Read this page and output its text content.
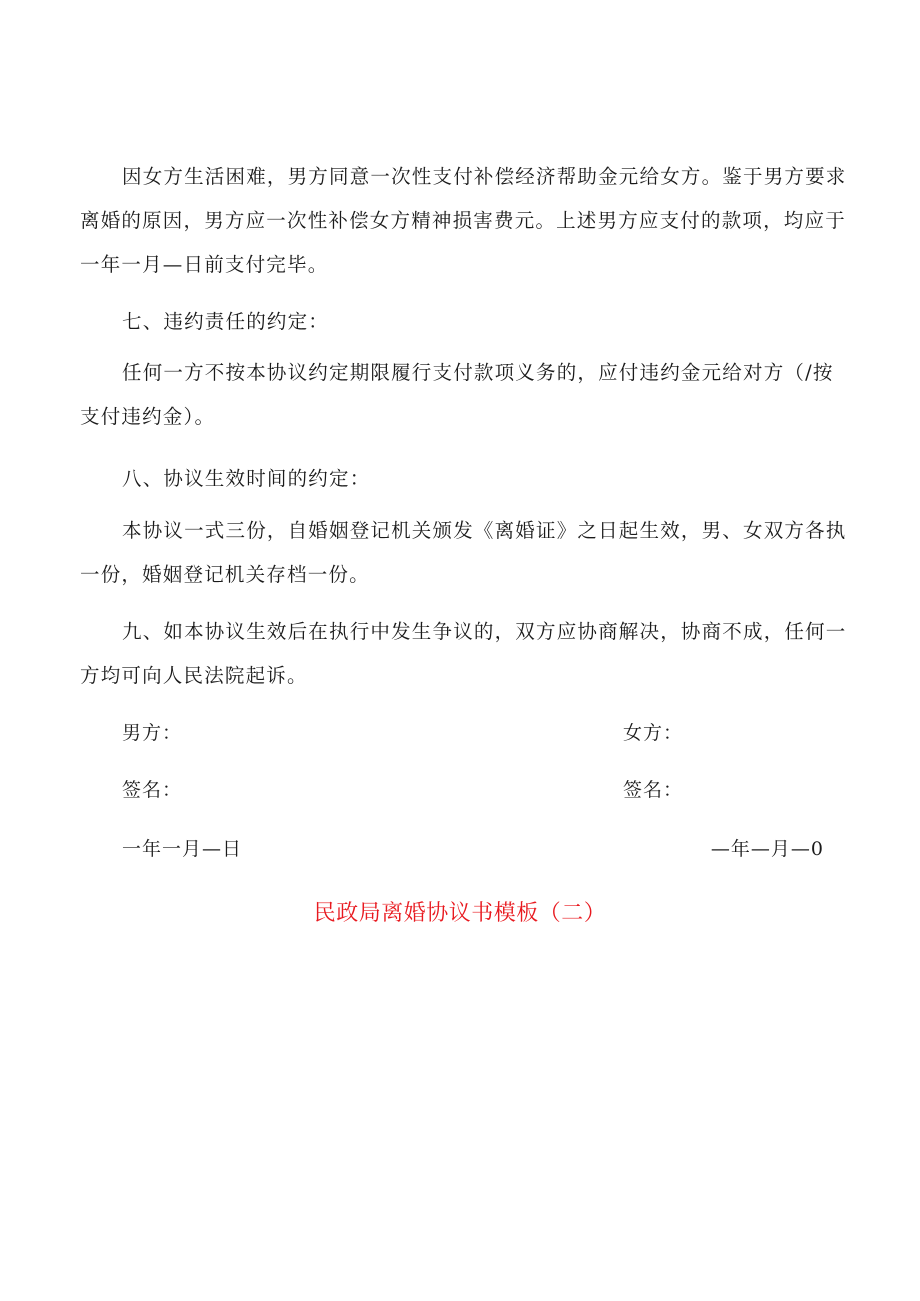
因女方生活困难，男方同意一次性支付补偿经济帮助金元给女方。鉴于男方要求
离婚的原因，男方应一次性补偿女方精神损害费元。上述男方应支付的款项，均应于
一年一月—日前支付完毕。

七、违约责任的约定：

任何一方不按本协议约定期限履行支付款项义务的，应付违约金元给对方（/按
支付违约金）。

八、协议生效时间的约定：

本协议一式三份，自婚姻登记机关颁发《离婚证》之日起生效，男、女双方各执
一份，婚姻登记机关存档一份。
九、如本协议生效后在执行中发生争议的，双方应协商解决，协商不成，任何一
方均可向人民法院起诉。

男方：	女方：

签名：	签名：

一年一月—日	—年—月—0

民政局离婚协议书模板（二）
